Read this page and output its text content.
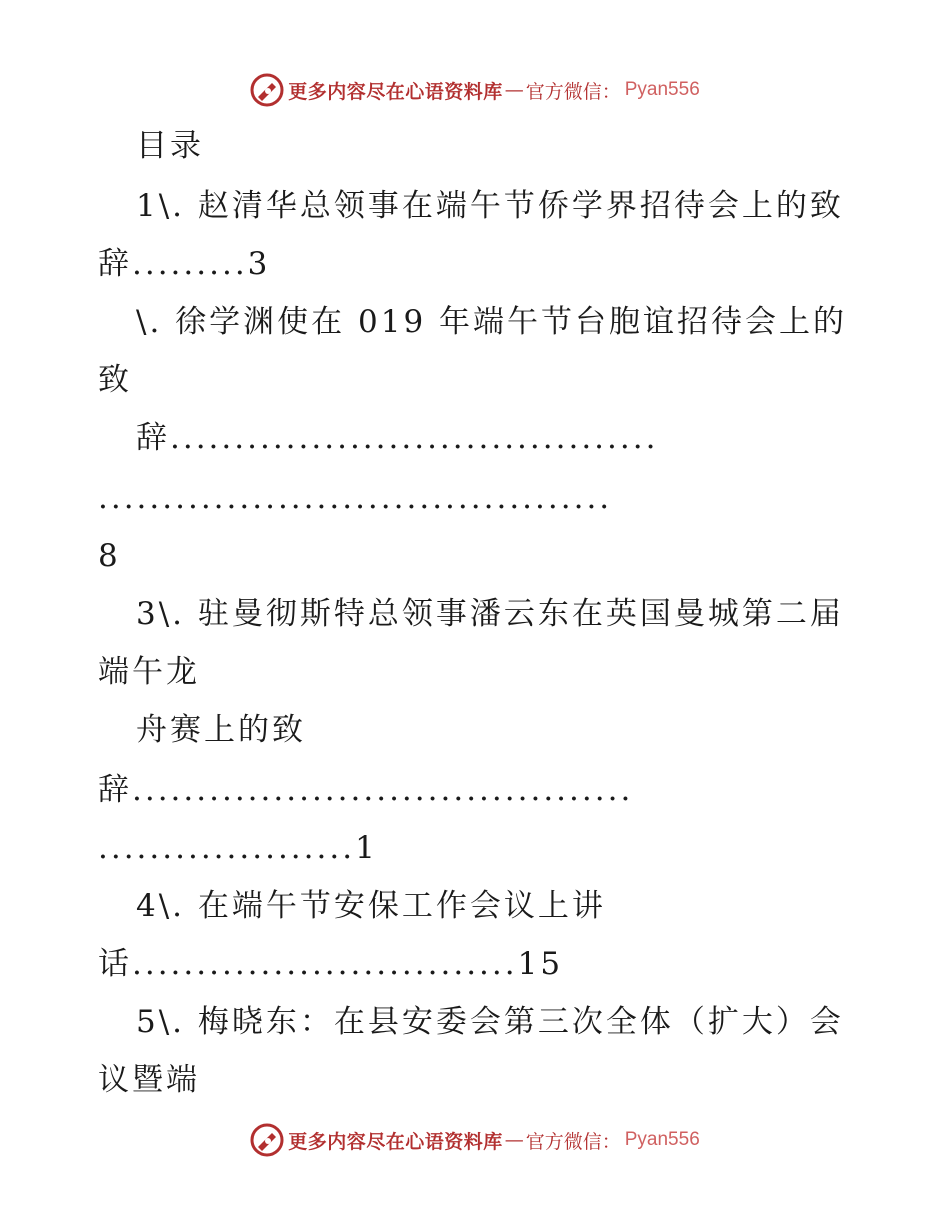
更多内容尽在心语资料库 — 官方微信： Pyan556
目录
1\. 赵清华总领事在端午节侨学界招待会上的致
辞.........3
\. 徐学渊使在 019 年端午节台胞谊招待会上的
致
辞......................................
........................................
8
3\. 驻曼彻斯特总领事潘云东在英国曼城第二届
端午龙
舟赛上的致
辞.......................................
....................1
4\. 在端午节安保工作会议上讲
话..............................15
5\. 梅晓东：在县安委会第三次全体（扩大）会
议暨端
更多内容尽在心语资料库 — 官方微信： Pyan556
